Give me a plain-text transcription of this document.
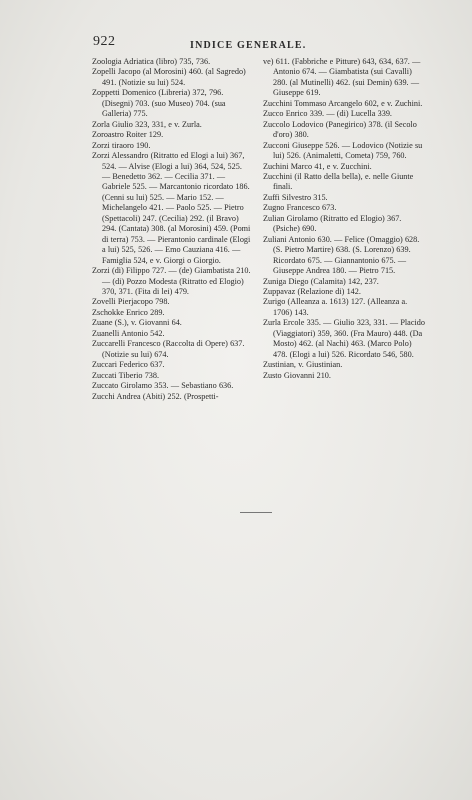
922	INDICE GENERALE.

Zoologia Adriatica (libro) 735, 736.

Zopelli Jacopo (al Morosini) 460. (al Sagredo) 491. (Notizie su lui) 524.

Zoppetti Domenico (Libreria) 372, 796. (Disegni) 703. (suo Museo) 704. (sua Galleria) 775.

Zorla Giulio 323, 331, e v. Zurla.

Zoroastro Roiter 129.

Zorzi tiraoro 190.

Zorzi Alessandro (Ritratto ed Elogi a lui) 367, 524. — Alvise (Elogi a lui) 364, 524, 525. — Benedetto 362. — Cecilia 371. — Gabriele 525. — Marcantonio ricordato 186. (Cenni su lui) 525. — Mario 152. — Michelangelo 421. — Paolo 525. — Pietro (Spettacoli) 247. (Cecilia) 292. (il Bravo) 294. (Cantata) 308. (al Morosini) 459. (Pomi di terra) 753. — Pierantonio cardinale (Elogi a lui) 525, 526. — Emo Cauziana 416. — Famiglia 524, e v. Giorgi o Giorgio.

Zorzi (di) Filippo 727. — (de) Giambatista 210. — (di) Pozzo Modesta (Ritratto ed Elogio) 370, 371. (Fita di lei) 479.

Zovelli Pierjacopo 798.

Zschokke Enrico 289.

Zuane (S.), v. Giovanni 64.

Zuanelli Antonio 542.

Zuccarelli Francesco (Raccolta di Opere) 637. (Notizie su lui) 674.

Zuccari Federico 637.

Zuccati Tiberio 738.

Zuccato Girolamo 353. — Sebastiano 636.

Zucchi Andrea (Abiti) 252. (Prospetti-

ve) 611. (Fabbriche e Pitture) 643, 634, 637. — Antonio 674. — Giambatista (sui Cavalli) 280. (al Mutinelli) 462. (sui Demin) 639. — Giuseppe 619.

Zucchini Tommaso Arcangelo 602, e v. Zuchini.

Zucco Enrico 339. — (di) Lucella 339.

Zuccolo Lodovico (Panegirico) 378. (il Secolo d'oro) 380.

Zucconi Giuseppe 526. — Lodovico (Notizie su lui) 526. (Animaletti, Cometa) 759, 760.

Zuchini Marco 41, e v. Zucchini.

Zucchini (il Ratto della bella), e. nelle Giunte finali.

Zuffi Silvestro 315.

Zugno Francesco 673.

Zulian Girolamo (Ritratto ed Elogio) 367. (Psiche) 690.

Zuliani Antonio 630. — Felice (Omaggio) 628. (S. Pietro Martire) 638. (S. Lorenzo) 639. Ricordato 675. — Giannantonio 675. — Giuseppe Andrea 180. — Pietro 715.

Zuniga Diego (Calamita) 142, 237.

Zuppavaz (Relazione di) 142.

Zurigo (Alleanza a. 1613) 127. (Alleanza a. 1706) 143.

Zurla Ercole 335. — Giulio 323, 331. — Placido (Viaggiatori) 359, 360. (Fra Mauro) 448. (Da Mosto) 462. (al Nachi) 463. (Marco Polo) 478. (Elogi a lui) 526. Ricordato 546, 580.

Zustinian, v. Giustinian.

Zusto Giovanni 210.
